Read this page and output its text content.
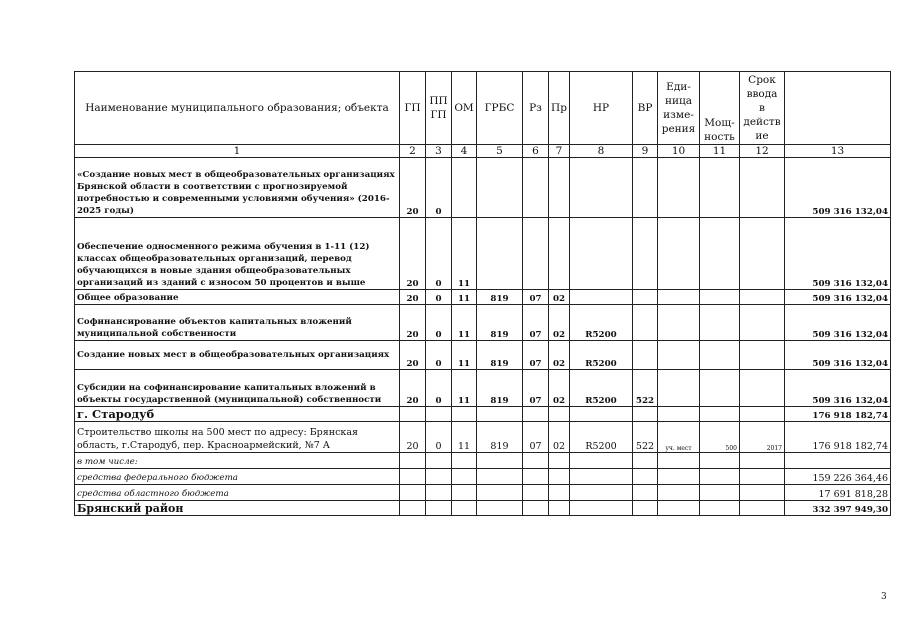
Наименование муниципального образования; объекта	ГП	ПП ГП	ОМ	ГРБС	Рз	Пр	НР	ВР	Еди- ница изме- рения	Мощ- ность	Срок ввода в действ ие	
1	2	3	4	5	6	7	8	9	10	11	12	13
«Создание новых мест в общеобразовательных организациях Брянской области в соответствии с прогнозируемой потребностью и современными условиями обучения» (2016-2025 годы)	20	0										509 316 132,04
Обеспечение односменного режима обучения в 1-11 (12) классах общеобразовательных организаций, перевод обучающихся в новые здания общеобразовательных организаций из зданий с износом 50 процентов и выше	20	0	11									509 316 132,04
Общее образование	20	0	11	819	07	02						509 316 132,04
Софинансирование объектов капитальных вложений муниципальной собственности	20	0	11	819	07	02	R5200					509 316 132,04
Создание новых мест в общеобразовательных организациях	20	0	11	819	07	02	R5200					509 316 132,04
Субсидии на софинансирование капитальных вложений в объекты государственной (муниципальной) собственности	20	0	11	819	07	02	R5200	522				509 316 132,04
г. Стародуб												176 918 182,74
Строительство школы на 500 мест по адресу: Брянская область, г.Стародуб, пер. Красноармейский, №7 А	20	0	11	819	07	02	R5200	522	уч. мест	500	2017	176 918 182,74
в том числе:												
средства федерального бюджета												159 226 364,46
средства областного бюджета												17 691 818,28
Брянский район												332 397 949,30
3
